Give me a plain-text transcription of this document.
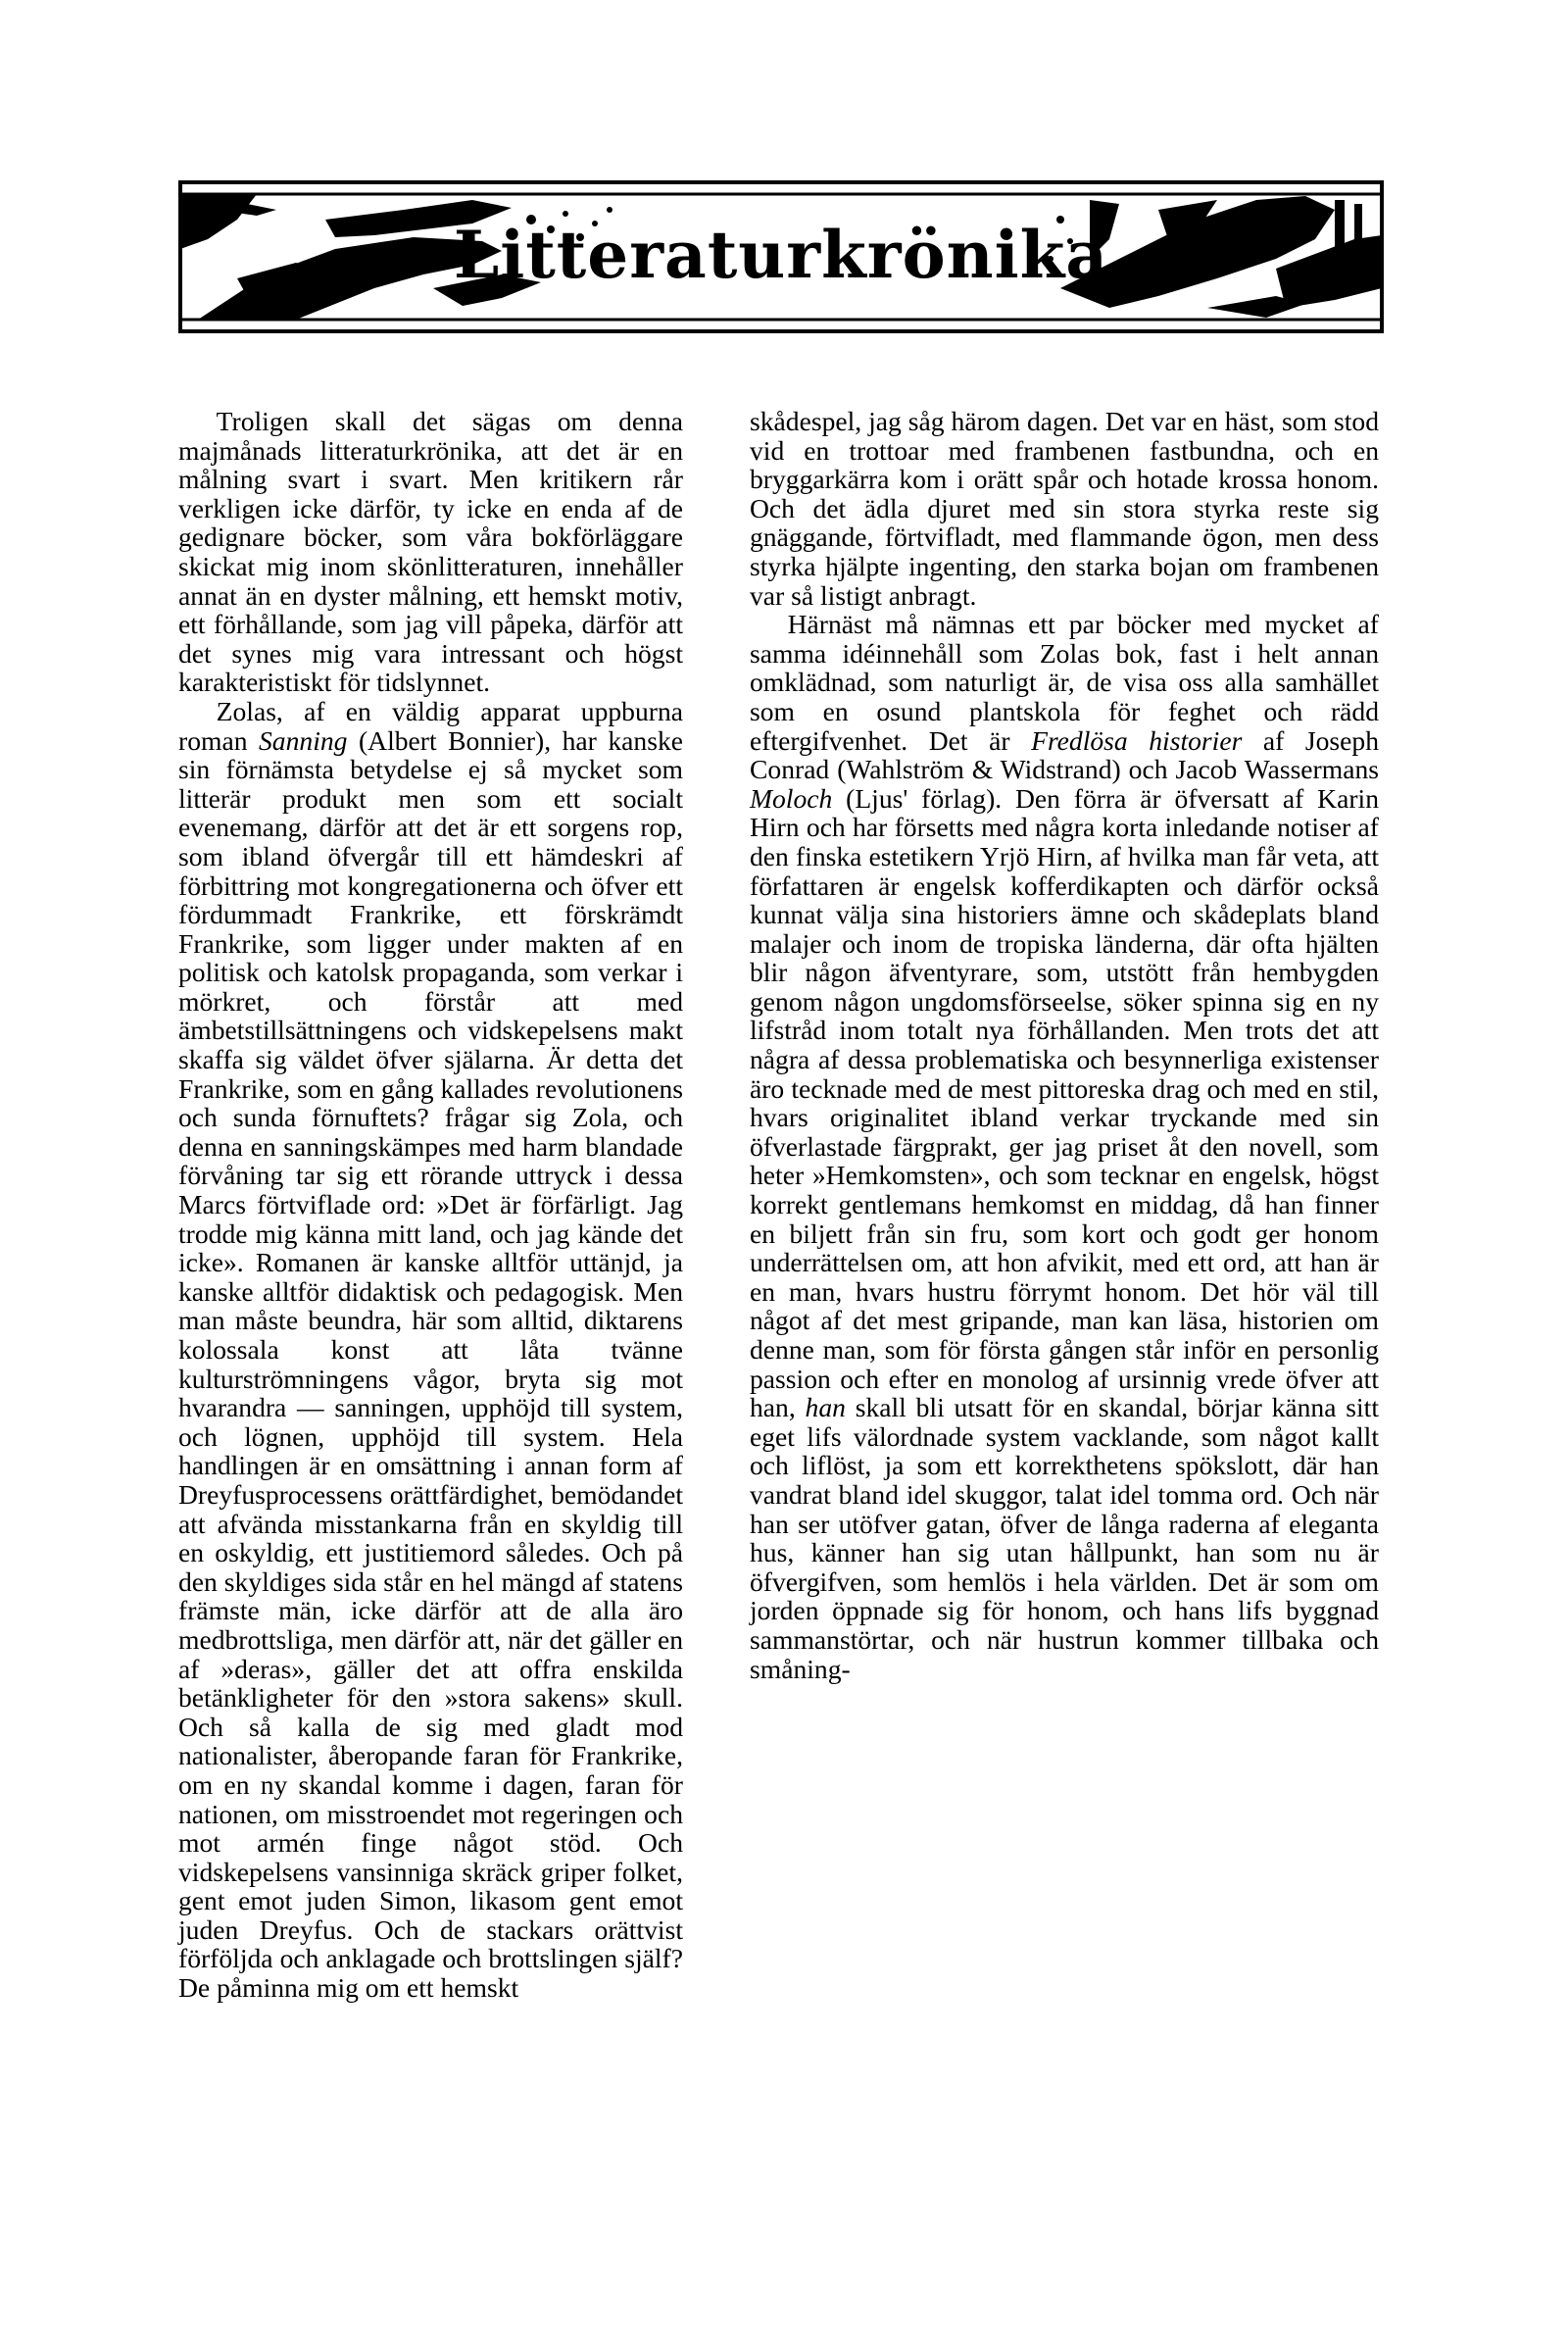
Litteraturkrönika

Troligen skall det sägas om denna majmånads litteraturkrönika, att det är en målning svart i svart. Men kritikern rår verkligen icke därför, ty icke en enda af de gedignare böcker, som våra bokförläggare skickat mig inom skönlitteraturen, innehåller annat än en dyster målning, ett hemskt motiv, ett förhållande, som jag vill påpeka, därför att det synes mig vara intressant och högst karakteristiskt för tidslynnet.

Zolas, af en väldig apparat uppburna roman Sanning (Albert Bonnier), har kanske sin förnämsta betydelse ej så mycket som litterär produkt men som ett socialt evenemang, därför att det är ett sorgens rop, som ibland öfvergår till ett hämdeskri af förbittring mot kongregationerna och öfver ett fördummadt Frankrike, ett förskrämdt Frankrike, som ligger under makten af en politisk och katolsk propaganda, som verkar i mörkret, och förstår att med ämbetstillsättningens och vidskepelsens makt skaffa sig väldet öfver själarna. Är detta det Frankrike, som en gång kallades revolutionens och sunda förnuftets? frågar sig Zola, och denna en sanningskämpes med harm blandade förvåning tar sig ett rörande uttryck i dessa Marcs förtviflade ord: »Det är förfärligt. Jag trodde mig känna mitt land, och jag kände det icke». Romanen är kanske alltför uttänjd, ja kanske alltför didaktisk och pedagogisk. Men man måste beundra, här som alltid, diktarens kolossala konst att låta tvänne kulturströmningens vågor, bryta sig mot hvarandra — sanningen, upphöjd till system, och lögnen, upphöjd till system. Hela handlingen är en omsättning i annan form af Dreyfusprocessens orättfärdighet, bemödandet att afvända misstankarna från en skyldig till en oskyldig, ett justitiemord således. Och på den skyldiges sida står en hel mängd af statens främste män, icke därför att de alla äro medbrottsliga, men därför att, när det gäller en af »deras», gäller det att offra enskilda betänkligheter för den »stora sakens» skull. Och så kalla de sig med gladt mod nationalister, åberopande faran för Frankrike, om en ny skandal komme i dagen, faran för nationen, om misstroendet mot regeringen och mot armén finge något stöd. Och vidskepelsens vansinniga skräck griper folket, gent emot juden Simon, likasom gent emot juden Dreyfus. Och de stackars orättvist förföljda och anklagade och brottslingen själf? De påminna mig om ett hemskt

skådespel, jag såg härom dagen. Det var en häst, som stod vid en trottoar med frambenen fastbundna, och en bryggarkärra kom i orätt spår och hotade krossa honom. Och det ädla djuret med sin stora styrka reste sig gnäggande, förtvifladt, med flammande ögon, men dess styrka hjälpte ingenting, den starka bojan om frambenen var så listigt anbragt.

Härnäst må nämnas ett par böcker med mycket af samma idéinnehåll som Zolas bok, fast i helt annan omklädnad, som naturligt är, de visa oss alla samhället som en osund plantskola för feghet och rädd eftergifvenhet. Det är Fredlösa historier af Joseph Conrad (Wahlström & Widstrand) och Jacob Wassermans Moloch (Ljus' förlag). Den förra är öfversatt af Karin Hirn och har försetts med några korta inledande notiser af den finska estetikern Yrjö Hirn, af hvilka man får veta, att författaren är engelsk kofferdikapten och därför också kunnat välja sina historiers ämne och skådeplats bland malajer och inom de tropiska länderna, där ofta hjälten blir någon äfventyrare, som, utstött från hembygden genom någon ungdomsförseelse, söker spinna sig en ny lifstråd inom totalt nya förhållanden. Men trots det att några af dessa problematiska och besynnerliga existenser äro tecknade med de mest pittoreska drag och med en stil, hvars originalitet ibland verkar tryckande med sin öfverlastade färgprakt, ger jag priset åt den novell, som heter »Hemkomsten», och som tecknar en engelsk, högst korrekt gentlemans hemkomst en middag, då han finner en biljett från sin fru, som kort och godt ger honom underrättelsen om, att hon afvikit, med ett ord, att han är en man, hvars hustru förrymt honom. Det hör väl till något af det mest gripande, man kan läsa, historien om denne man, som för första gången står inför en personlig passion och efter en monolog af ursinnig vrede öfver att han, han skall bli utsatt för en skandal, börjar känna sitt eget lifs välordnade system vacklande, som något kallt och liflöst, ja som ett korrekthetens spökslott, där han vandrat bland idel skuggor, talat idel tomma ord. Och när han ser utöfver gatan, öfver de långa raderna af eleganta hus, känner han sig utan hållpunkt, han som nu är öfvergifven, som hemlös i hela världen. Det är som om jorden öppnade sig för honom, och hans lifs byggnad sammanstörtar, och när hustrun kommer tillbaka och småning-
